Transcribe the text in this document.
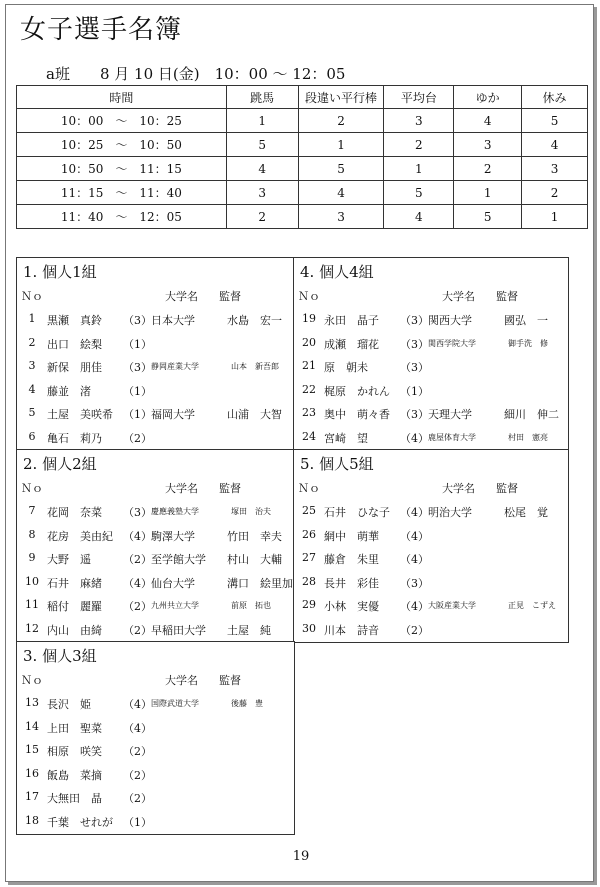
女子選手名簿
a班　　8 月 10 日(金)　10：00 〜 12：05
時間	跳馬	段違い平行棒	平均台	ゆか	休み
10：00　〜　10：25	1	2	3	4	5
10：25　〜　10：50	5	1	2	3	4
10：50　〜　11：15	4	5	1	2	3
11：15　〜　11：40	3	4	5	1	2
11：40　〜　12：05	2	3	4	5	1
1. 個人1組
Ｎｏ	大学名 監督
1	黒瀬　真鈴 （3） 日本大学	水島　宏一
2	出口　絵梨 （1）
3	新保　朋佳 （3） 静岡産業大学	山本　新吾郎
4	藤並　渚	（1）
5	土屋　美咲希 （1） 福岡大学	山浦　大智
6	亀石　莉乃 （2）
4. 個人4組
Ｎｏ	大学名 監督
19 永田　晶子 （3） 関西大学	國弘　一
20 成瀬　瑠花 （3） 関西学院大学	御手洗　修
21 原　朝未	（3）
22 梶原　かれん （1）
23 奥中　萌々香 （3） 天理大学	細川　伸二
24 宮崎　望	（4） 鹿屋体育大学	村田　憲亮
2. 個人2組
Ｎｏ	大学名 監督
7	花岡　奈菜 （3） 慶應義塾大学	塚田　治夫
8	花房　美由紀 （4） 駒澤大学	竹田　幸夫
9	大野　遥	（2） 至学館大学 村山　大輔
10 石井　麻緒 （4） 仙台大学	溝口　絵里加
11 稲付　麗羅 （2） 九州共立大学	前原　拓也
12 内山　由綺 （2） 早稲田大学 土屋　純
5. 個人5組
Ｎｏ	大学名 監督
25 石井　ひな子 （4） 明治大学	松尾　覚
26 網中　萌華 （4）
27 藤倉　朱里 （4）
28 長井　彩佳 （3）
29 小林　実優 （4） 大阪産業大学	正見　こずえ
30 川本　詩音 （2）
3. 個人3組
Ｎｏ	大学名 監督
13 長沢　姫	（4） 国際武道大学	後藤　豊
14 上田　聖菜 （4）
15 相原　咲笑 （2）
16 飯島　菜摘 （2）
17 大無田　晶 （2）
18 千葉　せれが （1）
19
